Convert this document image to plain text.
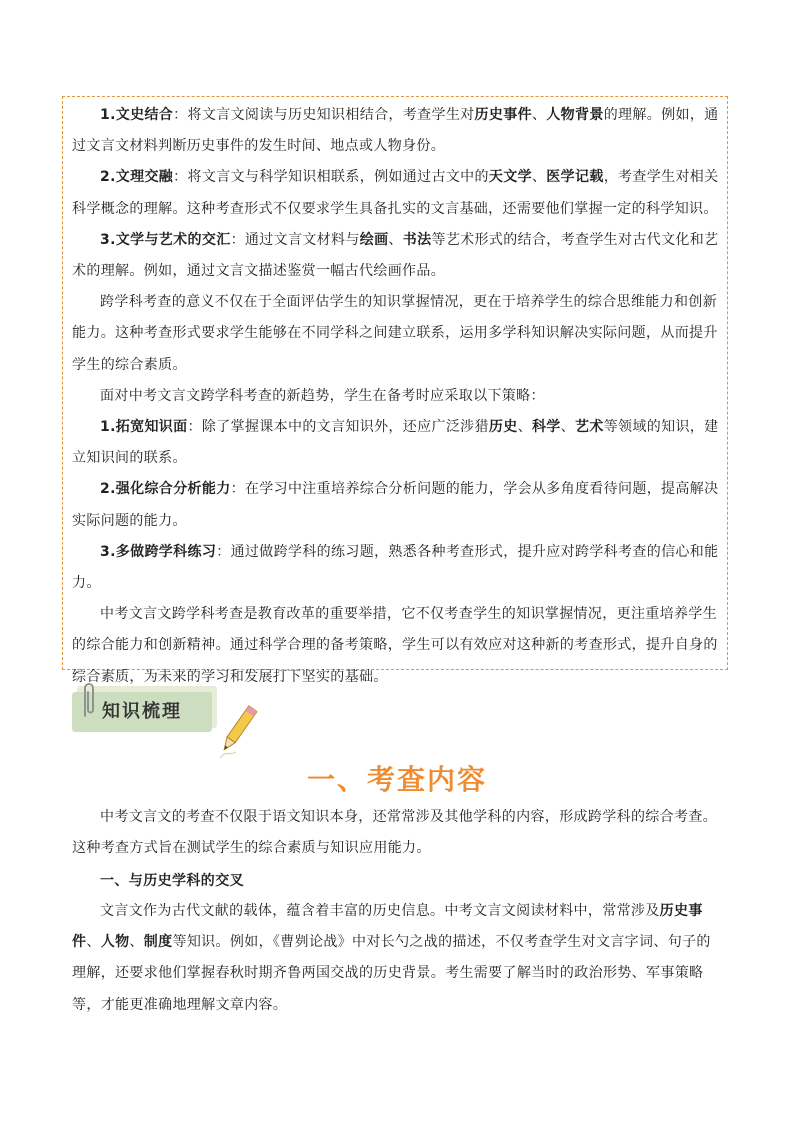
1.文史结合：将文言文阅读与历史知识相结合，考查学生对历史事件、人物背景的理解。例如，通过文言文材料判断历史事件的发生时间、地点或人物身份。

2.文理交融：将文言文与科学知识相联系，例如通过古文中的天文学、医学记载，考查学生对相关科学概念的理解。这种考查形式不仅要求学生具备扎实的文言基础，还需要他们掌握一定的科学知识。

3.文学与艺术的交汇：通过文言文材料与绘画、书法等艺术形式的结合，考查学生对古代文化和艺术的理解。例如，通过文言文描述鉴赏一幅古代绘画作品。

跨学科考查的意义不仅在于全面评估学生的知识掌握情况，更在于培养学生的综合思维能力和创新能力。这种考查形式要求学生能够在不同学科之间建立联系，运用多学科知识解决实际问题，从而提升学生的综合素质。

面对中考文言文跨学科考查的新趋势，学生在备考时应采取以下策略：

1.拓宽知识面：除了掌握课本中的文言知识外，还应广泛涉猎历史、科学、艺术等领域的知识，建立知识间的联系。

2.强化综合分析能力：在学习中注重培养综合分析问题的能力，学会从多角度看待问题，提高解决实际问题的能力。

3.多做跨学科练习：通过做跨学科的练习题，熟悉各种考查形式，提升应对跨学科考查的信心和能力。

中考文言文跨学科考查是教育改革的重要举措，它不仅考查学生的知识掌握情况，更注重培养学生的综合能力和创新精神。通过科学合理的备考策略，学生可以有效应对这种新的考查形式，提升自身的综合素质，为未来的学习和发展打下坚实的基础。

知识梳理
一、考查内容

中考文言文的考查不仅限于语文知识本身，还常常涉及其他学科的内容，形成跨学科的综合考查。这种考查方式旨在测试学生的综合素质与知识应用能力。

一、与历史学科的交叉

文言文作为古代文献的载体，蕴含着丰富的历史信息。中考文言文阅读材料中，常常涉及历史事件、人物、制度等知识。例如，《曹刿论战》中对长勺之战的描述，不仅考查学生对文言字词、句子的理解，还要求他们掌握春秋时期齐鲁两国交战的历史背景。考生需要了解当时的政治形势、军事策略等，才能更准确地理解文章内容。
